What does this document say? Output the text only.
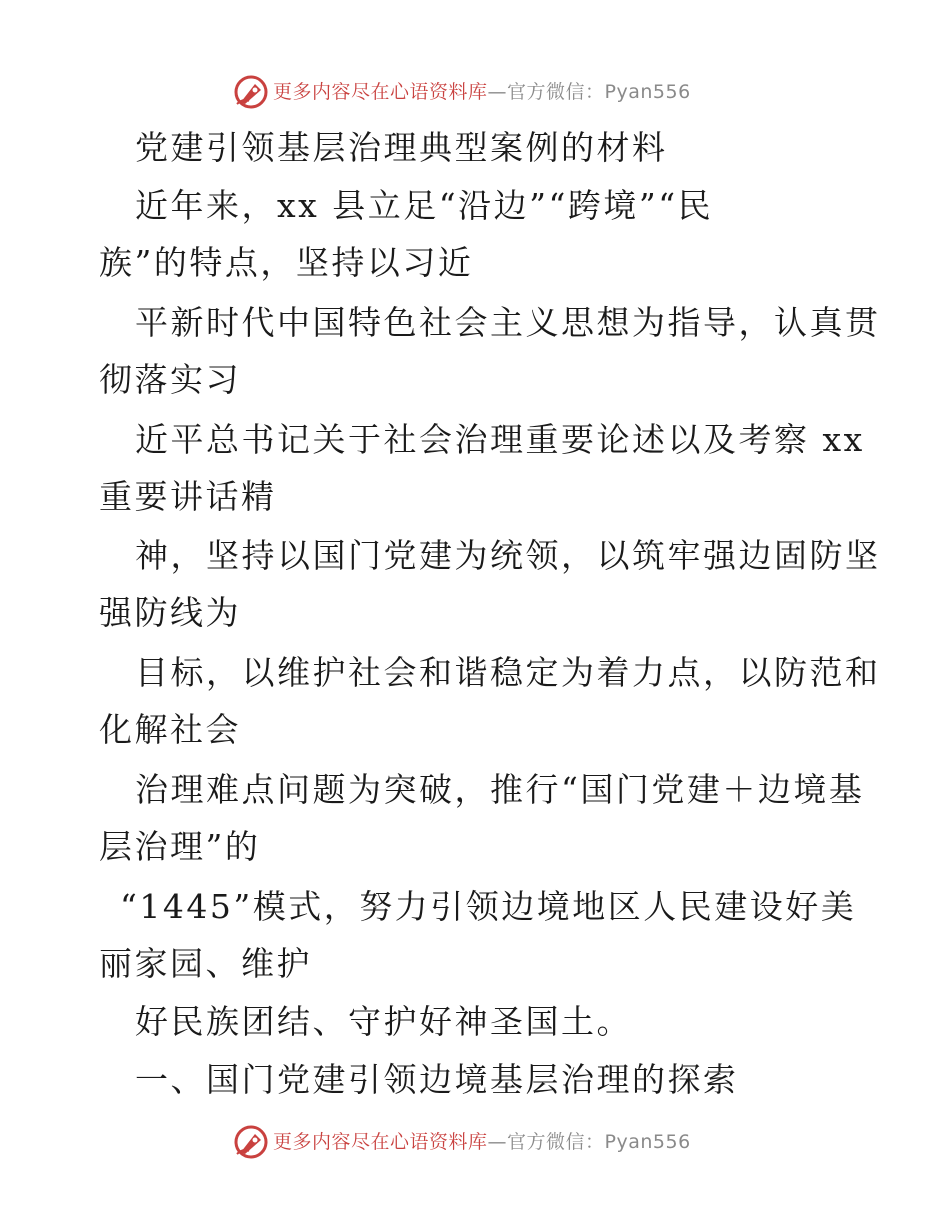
更多内容尽在心语资料库—官方微信：Pyan556
党建引领基层治理典型案例的材料
近年来，xx 县立足“沿边”“跨境”“民
族”的特点，坚持以习近
平新时代中国特色社会主义思想为指导，认真贯
彻落实习
近平总书记关于社会治理重要论述以及考察 xx
重要讲话精
神，坚持以国门党建为统领，以筑牢强边固防坚
强防线为
目标，以维护社会和谐稳定为着力点，以防范和
化解社会
治理难点问题为突破，推行“国门党建＋边境基
层治理”的
“1445”模式，努力引领边境地区人民建设好美
丽家园、维护
好民族团结、守护好神圣国土。
一、国门党建引领边境基层治理的探索
更多内容尽在心语资料库—官方微信：Pyan556
